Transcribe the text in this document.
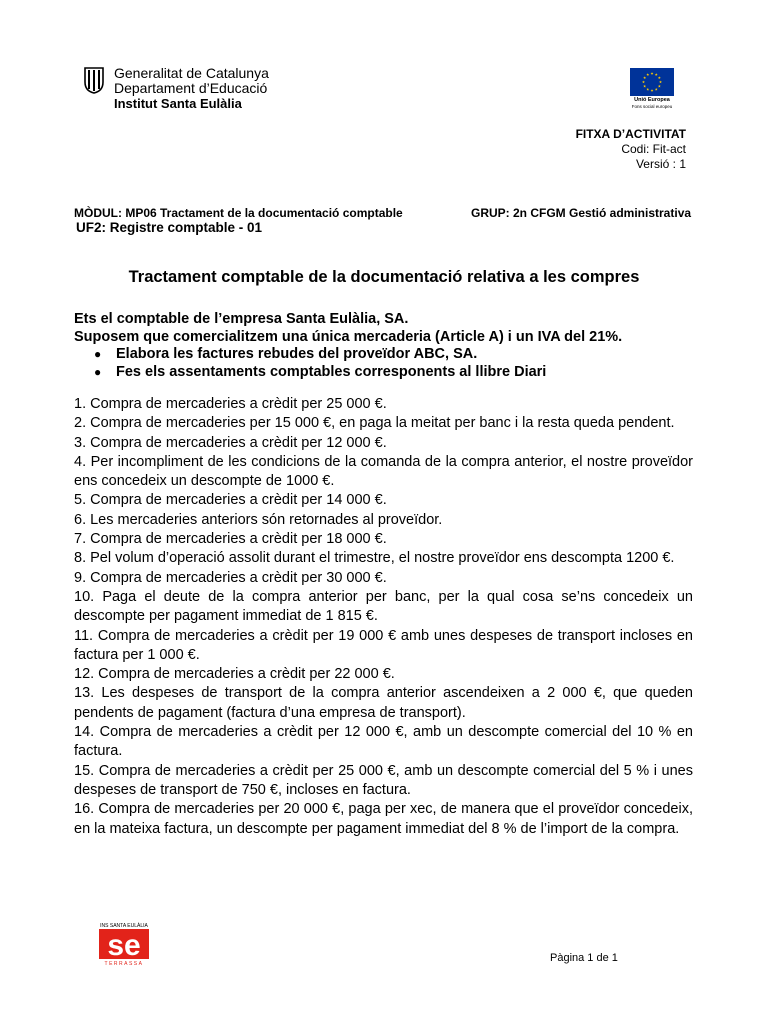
Generalitat de Catalunya
Departament d’Educació
Institut Santa Eulàlia	Unió Europea
Fons social europeu
FITXA D’ACTIVITAT
Codi: Fit-act
Versió : 1
MÒDUL: MP06 Tractament de la documentació comptable	GRUP: 2n CFGM Gestió administrativa
UF2: Registre comptable - 01
Tractament comptable de la documentació relativa a les compres

Ets el comptable de l’empresa Santa Eulàlia, SA.

Suposem que comercialitzem una única mercaderia (Article A) i un IVA del 21%.

● Elabora les factures rebudes del proveïdor ABC, SA.
● Fes els assentaments comptables corresponents al llibre Diari

1. Compra de mercaderies a crèdit per 25 000 €.

2. Compra de mercaderies per 15 000 €, en paga la meitat per banc i la resta queda pendent.

3. Compra de mercaderies a crèdit per 12 000 €.

4. Per incompliment de les condicions de la comanda de la compra anterior, el nostre proveïdor ens concedeix un descompte de 1000 €.

5. Compra de mercaderies a crèdit per 14 000 €.

6. Les mercaderies anteriors són retornades al proveïdor.

7. Compra de mercaderies a crèdit per 18 000 €.

8. Pel volum d’operació assolit durant el trimestre, el nostre proveïdor ens descompta 1200 €.

9. Compra de mercaderies a crèdit per 30 000 €.

10. Paga el deute de la compra anterior per banc, per la qual cosa se’ns concedeix un descompte per pagament immediat de 1 815 €.

11. Compra de mercaderies a crèdit per 19 000 € amb unes despeses de transport incloses en factura per 1 000 €.

12. Compra de mercaderies a crèdit per 22 000 €.

13. Les despeses de transport de la compra anterior ascendeixen a 2 000 €, que queden pendents de pagament (factura d’una empresa de transport).

14. Compra de mercaderies a crèdit per 12 000 €, amb un descompte comercial del 10 % en factura.

15. Compra de mercaderies a crèdit per 25 000 €, amb un descompte comercial del 5 % i unes despeses de transport de 750 €, incloses en factura.

16. Compra de mercaderies per 20 000 €, paga per xec, de manera que el proveïdor concedeix, en la mateixa factura, un descompte per pagament immediat del 8 % de l’import de la compra.

INS SANTA EULÀLIA
se
TERRASSA	Pàgina 1 de 1
